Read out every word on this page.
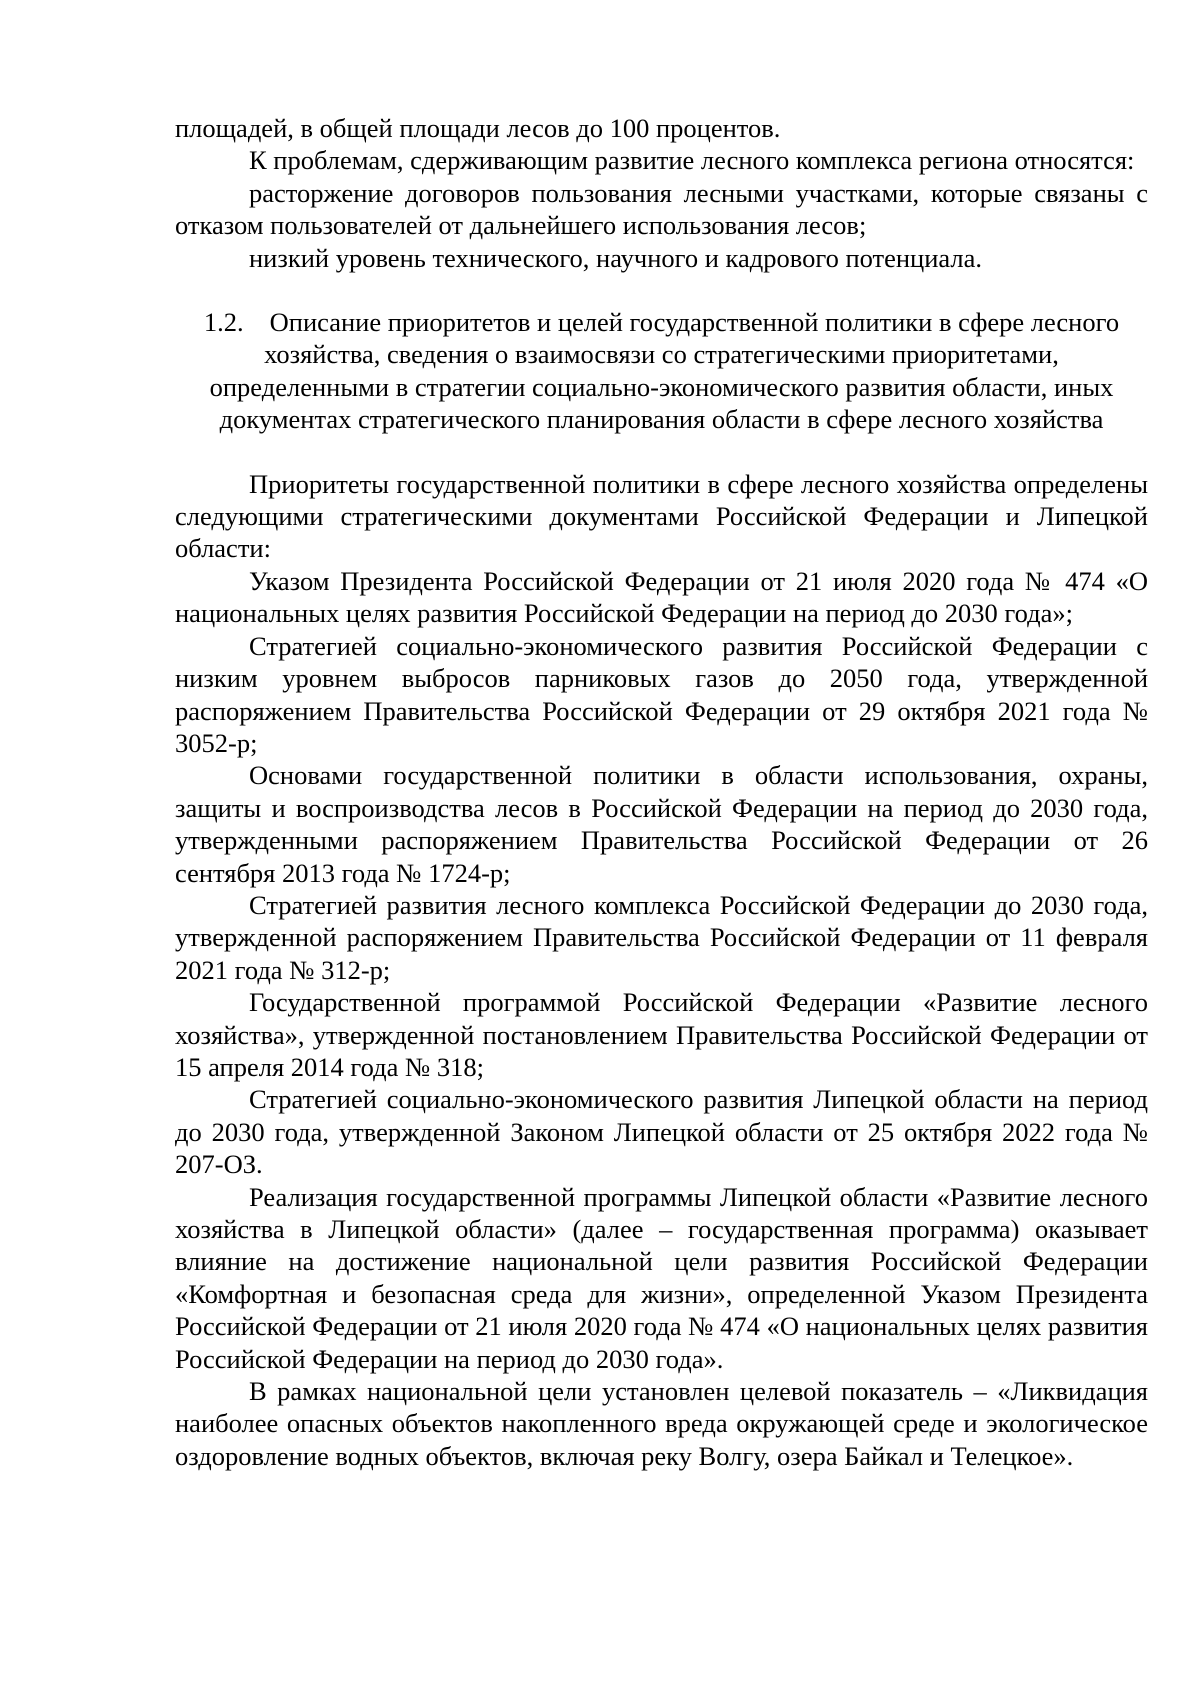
площадей, в общей площади лесов до 100 процентов.

К проблемам, сдерживающим развитие лесного комплекса региона относятся:

расторжение договоров пользования лесными участками, которые связаны с отказом пользователей от дальнейшего использования лесов;

низкий уровень технического, научного и кадрового потенциала.

1.2. Описание приоритетов и целей государственной политики в сфере лесного хозяйства, сведения о взаимосвязи со стратегическими приоритетами, определенными в стратегии социально-экономического развития области, иных документах стратегического планирования области в сфере лесного хозяйства

Приоритеты государственной политики в сфере лесного хозяйства определены следующими стратегическими документами Российской Федерации и Липецкой области:

Указом Президента Российской Федерации от 21 июля 2020 года № 474 «О национальных целях развития Российской Федерации на период до 2030 года»;

Стратегией социально-экономического развития Российской Федерации с низким уровнем выбросов парниковых газов до 2050 года, утвержденной распоряжением Правительства Российской Федерации от 29 октября 2021 года № 3052-р;

Основами государственной политики в области использования, охраны, защиты и воспроизводства лесов в Российской Федерации на период до 2030 года, утвержденными распоряжением Правительства Российской Федерации от 26 сентября 2013 года № 1724-р;

Стратегией развития лесного комплекса Российской Федерации до 2030 года, утвержденной распоряжением Правительства Российской Федерации от 11 февраля 2021 года № 312-р;

Государственной программой Российской Федерации «Развитие лесного хозяйства», утвержденной постановлением Правительства Российской Федерации от 15 апреля 2014 года № 318;

Стратегией социально-экономического развития Липецкой области на период до 2030 года, утвержденной Законом Липецкой области от 25 октября 2022 года № 207-ОЗ.

Реализация государственной программы Липецкой области «Развитие лесного хозяйства в Липецкой области» (далее – государственная программа) оказывает влияние на достижение национальной цели развития Российской Федерации «Комфортная и безопасная среда для жизни», определенной Указом Президента Российской Федерации от 21 июля 2020 года № 474 «О национальных целях развития Российской Федерации на период до 2030 года».

В рамках национальной цели установлен целевой показатель – «Ликвидация наиболее опасных объектов накопленного вреда окружающей среде и экологическое оздоровление водных объектов, включая реку Волгу, озера Байкал и Телецкое».
